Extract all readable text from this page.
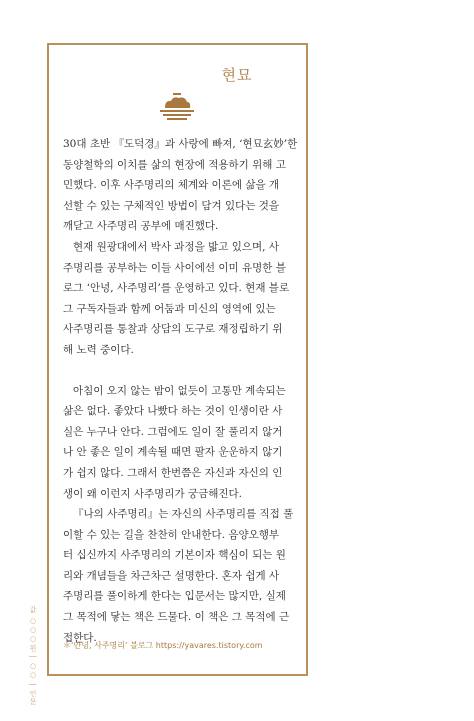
현묘

30대 초반 『도덕경』과 사랑에 빠져, ‘현묘玄妙’한

동양철학의 이치를 삶의 현장에 적용하기 위해 고

민했다. 이후 사주명리의 체계와 이론에 삶을 개

선할 수 있는 구체적인 방법이 담겨 있다는 것을

깨닫고 사주명리 공부에 매진했다.

현재 원광대에서 박사 과정을 밟고 있으며, 사

주명리를 공부하는 이들 사이에선 이미 유명한 블

로그 ‘안녕, 사주명리’를 운영하고 있다. 현재 블로

그 구독자들과 함께 어둠과 미신의 영역에 있는

사주명리를 통찰과 상담의 도구로 재정립하기 위

해 노력 중이다.

아침이 오지 않는 밤이 없듯이 고통만 계속되는

삶은 없다. 좋았다 나빴다 하는 것이 인생이란 사

실은 누구나 안다. 그럼에도 일이 잘 풀리지 않거

나 안 좋은 일이 계속될 때면 팔자 운운하지 않기

가 쉽지 않다. 그래서 한번쯤은 자신과 자신의 인

생이 왜 이런지 사주명리가 궁금해진다.

『나의 사주명리』는 자신의 사주명리를 직접 풀

이할 수 있는 길을 찬찬히 안내한다. 음양오행부

터 십신까지 사주명리의 기본이자 핵심이 되는 원

리와 개념들을 차근차근 설명한다. 혼자 쉽게 사

주명리를 풀이하게 한다는 입문서는 많지만, 실제

그 목적에 닿는 책은 드물다. 이 책은 그 목적에 근

접한다.

＊‘안녕, 사주명리’ 블로그 https://yavares.tistory.com
값 ○○○원 | ○○ | 인문
